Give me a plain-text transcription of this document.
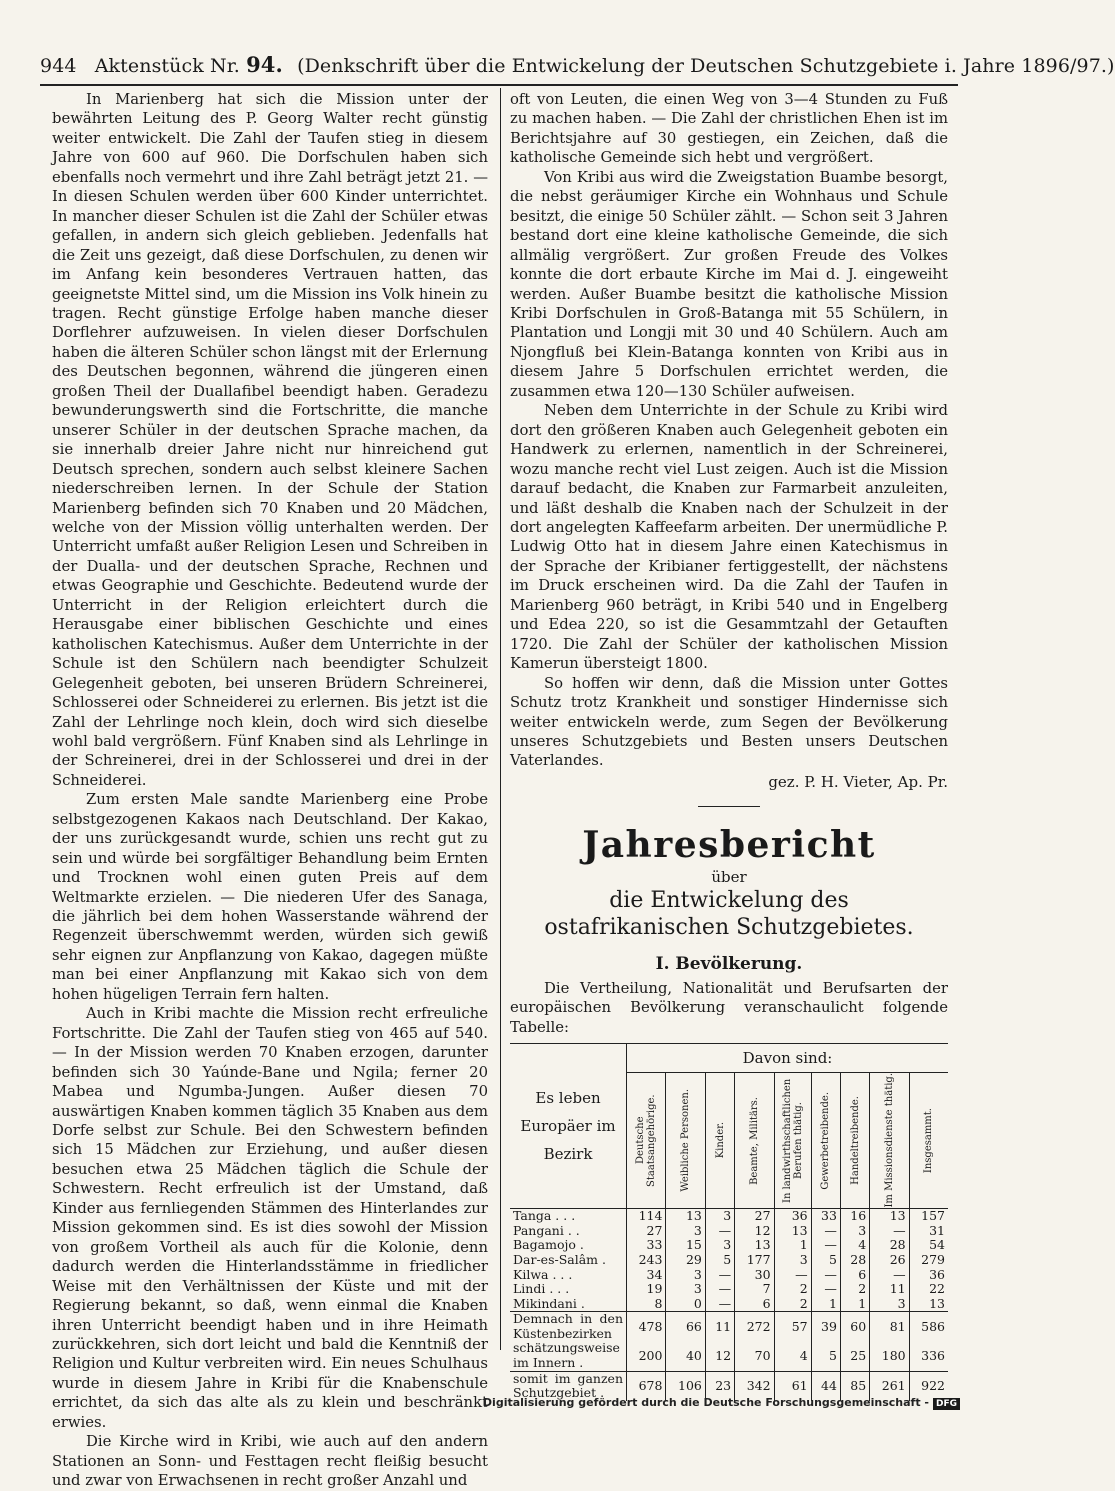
944 Aktenstück Nr. 94. (Denkschrift über die Entwickelung der Deutschen Schutzgebiete i. Jahre 1896/97.)

In Marienberg hat sich die Mission unter der bewährten Leitung des P. Georg Walter recht günstig weiter entwickelt. Die Zahl der Taufen stieg in diesem Jahre von 600 auf 960. Die Dorfschulen haben sich ebenfalls noch vermehrt und ihre Zahl beträgt jetzt 21. — In diesen Schulen werden über 600 Kinder unterrichtet. In mancher dieser Schulen ist die Zahl der Schüler etwas gefallen, in andern sich gleich geblieben. Jedenfalls hat die Zeit uns gezeigt, daß diese Dorfschulen, zu denen wir im Anfang kein besonderes Vertrauen hatten, das geeignetste Mittel sind, um die Mission ins Volk hinein zu tragen. Recht günstige Erfolge haben manche dieser Dorflehrer aufzuweisen. In vielen dieser Dorfschulen haben die älteren Schüler schon längst mit der Erlernung des Deutschen begonnen, während die jüngeren einen großen Theil der Duallafibel beendigt haben. Geradezu bewunderungswerth sind die Fortschritte, die manche unserer Schüler in der deutschen Sprache machen, da sie innerhalb dreier Jahre nicht nur hinreichend gut Deutsch sprechen, sondern auch selbst kleinere Sachen niederschreiben lernen. In der Schule der Station Marienberg befinden sich 70 Knaben und 20 Mädchen, welche von der Mission völlig unterhalten werden. Der Unterricht umfaßt außer Religion Lesen und Schreiben in der Dualla- und der deutschen Sprache, Rechnen und etwas Geographie und Geschichte. Bedeutend wurde der Unterricht in der Religion erleichtert durch die Herausgabe einer biblischen Geschichte und eines katholischen Katechismus. Außer dem Unterrichte in der Schule ist den Schülern nach beendigter Schulzeit Gelegenheit geboten, bei unseren Brüdern Schreinerei, Schlosserei oder Schneiderei zu erlernen. Bis jetzt ist die Zahl der Lehrlinge noch klein, doch wird sich dieselbe wohl bald vergrößern. Fünf Knaben sind als Lehrlinge in der Schreinerei, drei in der Schlosserei und drei in der Schneiderei.

Zum ersten Male sandte Marienberg eine Probe selbstgezogenen Kakaos nach Deutschland. Der Kakao, der uns zurückgesandt wurde, schien uns recht gut zu sein und würde bei sorgfältiger Behandlung beim Ernten und Trocknen wohl einen guten Preis auf dem Weltmarkte erzielen. — Die niederen Ufer des Sanaga, die jährlich bei dem hohen Wasserstande während der Regenzeit überschwemmt werden, würden sich gewiß sehr eignen zur Anpflanzung von Kakao, dagegen müßte man bei einer Anpflanzung mit Kakao sich von dem hohen hügeligen Terrain fern halten.

Auch in Kribi machte die Mission recht erfreuliche Fortschritte. Die Zahl der Taufen stieg von 465 auf 540. — In der Mission werden 70 Knaben erzogen, darunter befinden sich 30 Yaúnde-Bane und Ngila; ferner 20 Mabea und Ngumba-Jungen. Außer diesen 70 auswärtigen Knaben kommen täglich 35 Knaben aus dem Dorfe selbst zur Schule. Bei den Schwestern befinden sich 15 Mädchen zur Erziehung, und außer diesen besuchen etwa 25 Mädchen täglich die Schule der Schwestern. Recht erfreulich ist der Umstand, daß Kinder aus fernliegenden Stämmen des Hinterlandes zur Mission gekommen sind. Es ist dies sowohl der Mission von großem Vortheil als auch für die Kolonie, denn dadurch werden die Hinterlandsstämme in friedlicher Weise mit den Verhältnissen der Küste und mit der Regierung bekannt, so daß, wenn einmal die Knaben ihren Unterricht beendigt haben und in ihre Heimath zurückkehren, sich dort leicht und bald die Kenntniß der Religion und Kultur verbreiten wird. Ein neues Schulhaus wurde in diesem Jahre in Kribi für die Knabenschule errichtet, da sich das alte als zu klein und beschränkt erwies.

Die Kirche wird in Kribi, wie auch auf den andern Stationen an Sonn- und Festtagen recht fleißig besucht und zwar von Erwachsenen in recht großer Anzahl und

oft von Leuten, die einen Weg von 3—4 Stunden zu Fuß zu machen haben. — Die Zahl der christlichen Ehen ist im Berichtsjahre auf 30 gestiegen, ein Zeichen, daß die katholische Gemeinde sich hebt und vergrößert.

Von Kribi aus wird die Zweigstation Buambe besorgt, die nebst geräumiger Kirche ein Wohnhaus und Schule besitzt, die einige 50 Schüler zählt. — Schon seit 3 Jahren bestand dort eine kleine katholische Gemeinde, die sich allmälig vergrößert. Zur großen Freude des Volkes konnte die dort erbaute Kirche im Mai d. J. eingeweiht werden. Außer Buambe besitzt die katholische Mission Kribi Dorfschulen in Groß-Batanga mit 55 Schülern, in Plantation und Longji mit 30 und 40 Schülern. Auch am Njongfluß bei Klein-Batanga konnten von Kribi aus in diesem Jahre 5 Dorfschulen errichtet werden, die zusammen etwa 120—130 Schüler aufweisen.

Neben dem Unterrichte in der Schule zu Kribi wird dort den größeren Knaben auch Gelegenheit geboten ein Handwerk zu erlernen, namentlich in der Schreinerei, wozu manche recht viel Lust zeigen. Auch ist die Mission darauf bedacht, die Knaben zur Farmarbeit anzuleiten, und läßt deshalb die Knaben nach der Schulzeit in der dort angelegten Kaffeefarm arbeiten. Der unermüdliche P. Ludwig Otto hat in diesem Jahre einen Katechismus in der Sprache der Kribianer fertiggestellt, der nächstens im Druck erscheinen wird. Da die Zahl der Taufen in Marienberg 960 beträgt, in Kribi 540 und in Engelberg und Edea 220, so ist die Gesammtzahl der Getauften 1720. Die Zahl der Schüler der katholischen Mission Kamerun übersteigt 1800.

So hoffen wir denn, daß die Mission unter Gottes Schutz trotz Krankheit und sonstiger Hindernisse sich weiter entwickeln werde, zum Segen der Bevölkerung unseres Schutzgebiets und Besten unsers Deutschen Vaterlandes.

gez. P. H. Vieter, Ap. Pr.
Jahresbericht
über
die Entwickelung des ostafrikanischen Schutzgebietes.
I. Bevölkerung.

Die Vertheilung, Nationalität und Berufsarten der europäischen Bevölkerung veranschaulicht folgende Tabelle:

Es leben Europäer im Bezirk	Davon sind:								

	Deutsche Staatsangehörige.	Weibliche Personen.	Kinder.	Beamte, Militärs.	In landwirthschaftlichen Berufen thätig.	Gewerbetreibende.	Handeltreibende.	Im Missionsdienste thätig.	Insgesammt.

Tanga . . .	114	13	3	27	36	33	16	13	157
Pangani . .	27	3	—	12	13	—	3	—	31
Bagamojo .	33	15	3	13	1	—	4	28	54
Dar-es-Salâm .	243	29	5	177	3	5	28	26	279
Kilwa . . .	34	3	—	30	—	—	6	—	36
Lindi . . .	19	3	—	7	2	—	2	11	22
Mikindani .	8	0	—	6	2	1	1	3	13
Demnach in den Küstenbezirken	478	66	11	272	57	39	60	81	586
schätzungsweise im Innern .	200	40	12	70	4	5	25	180	336
somit im ganzen Schutzgebiet .	678	106	23	342	61	44	85	261	922
Digitalisierung gefördert durch die Deutsche Forschungsgemeinschaft - DFG
